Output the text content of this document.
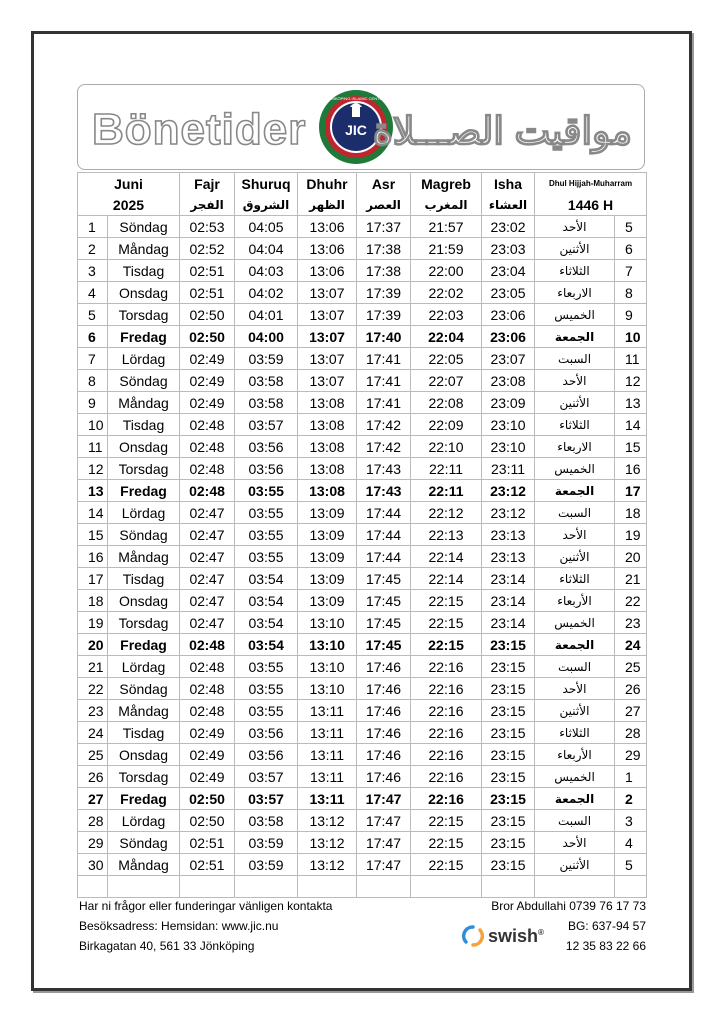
Bönetider	JIC
JÖNKÖPING ISLAMIC CENTER
مواقيت الصـــلاة
Juni		Fajr	Shuruq	Dhuhr	Asr	Magreb	Isha	Dhul Hijjah-Muharram	
2025		الفجر	الشروق	الظهر	العصر	المغرب	العشاء	1446 H	
1	Söndag	02:53	04:05	13:06	17:37	21:57	23:02	الأحد	5
2	Måndag	02:52	04:04	13:06	17:38	21:59	23:03	الأثنين	6
3	Tisdag	02:51	04:03	13:06	17:38	22:00	23:04	الثلاثاء	7
4	Onsdag	02:51	04:02	13:07	17:39	22:02	23:05	الاربعاء	8
5	Torsdag	02:50	04:01	13:07	17:39	22:03	23:06	الخميس	9
6	Fredag	02:50	04:00	13:07	17:40	22:04	23:06	الجمعة	10
7	Lördag	02:49	03:59	13:07	17:41	22:05	23:07	السبت	11
8	Söndag	02:49	03:58	13:07	17:41	22:07	23:08	الأحد	12
9	Måndag	02:49	03:58	13:08	17:41	22:08	23:09	الأثنين	13
10	Tisdag	02:48	03:57	13:08	17:42	22:09	23:10	الثلاثاء	14
11	Onsdag	02:48	03:56	13:08	17:42	22:10	23:10	الاربعاء	15
12	Torsdag	02:48	03:56	13:08	17:43	22:11	23:11	الخميس	16
13	Fredag	02:48	03:55	13:08	17:43	22:11	23:12	الجمعة	17
14	Lördag	02:47	03:55	13:09	17:44	22:12	23:12	السبت	18
15	Söndag	02:47	03:55	13:09	17:44	22:13	23:13	الأحد	19
16	Måndag	02:47	03:55	13:09	17:44	22:14	23:13	الأثنين	20
17	Tisdag	02:47	03:54	13:09	17:45	22:14	23:14	الثلاثاء	21
18	Onsdag	02:47	03:54	13:09	17:45	22:15	23:14	الأربعاء	22
19	Torsdag	02:47	03:54	13:10	17:45	22:15	23:14	الخميس	23
20	Fredag	02:48	03:54	13:10	17:45	22:15	23:15	الجمعة	24
21	Lördag	02:48	03:55	13:10	17:46	22:16	23:15	السبت	25
22	Söndag	02:48	03:55	13:10	17:46	22:16	23:15	الأحد	26
23	Måndag	02:48	03:55	13:11	17:46	22:16	23:15	الأثنين	27
24	Tisdag	02:49	03:56	13:11	17:46	22:16	23:15	الثلاثاء	28
25	Onsdag	02:49	03:56	13:11	17:46	22:16	23:15	الأربعاء	29
26	Torsdag	02:49	03:57	13:11	17:46	22:16	23:15	الخميس	1
27	Fredag	02:50	03:57	13:11	17:47	22:16	23:15	الجمعة	2
28	Lördag	02:50	03:58	13:12	17:47	22:15	23:15	السبت	3
29	Söndag	02:51	03:59	13:12	17:47	22:15	23:15	الأحد	4
30	Måndag	02:51	03:59	13:12	17:47	22:15	23:15	الأثنين	5

Har ni frågor eller funderingar vänligen kontakta
Besöksadress: Hemsidan: www.jic.nu
Birkagatan 40, 561 33 Jönköping
Bror Abdullahi 0739 76 17 73
BG: 637-94 57
12 35 83 22 66
swish®
